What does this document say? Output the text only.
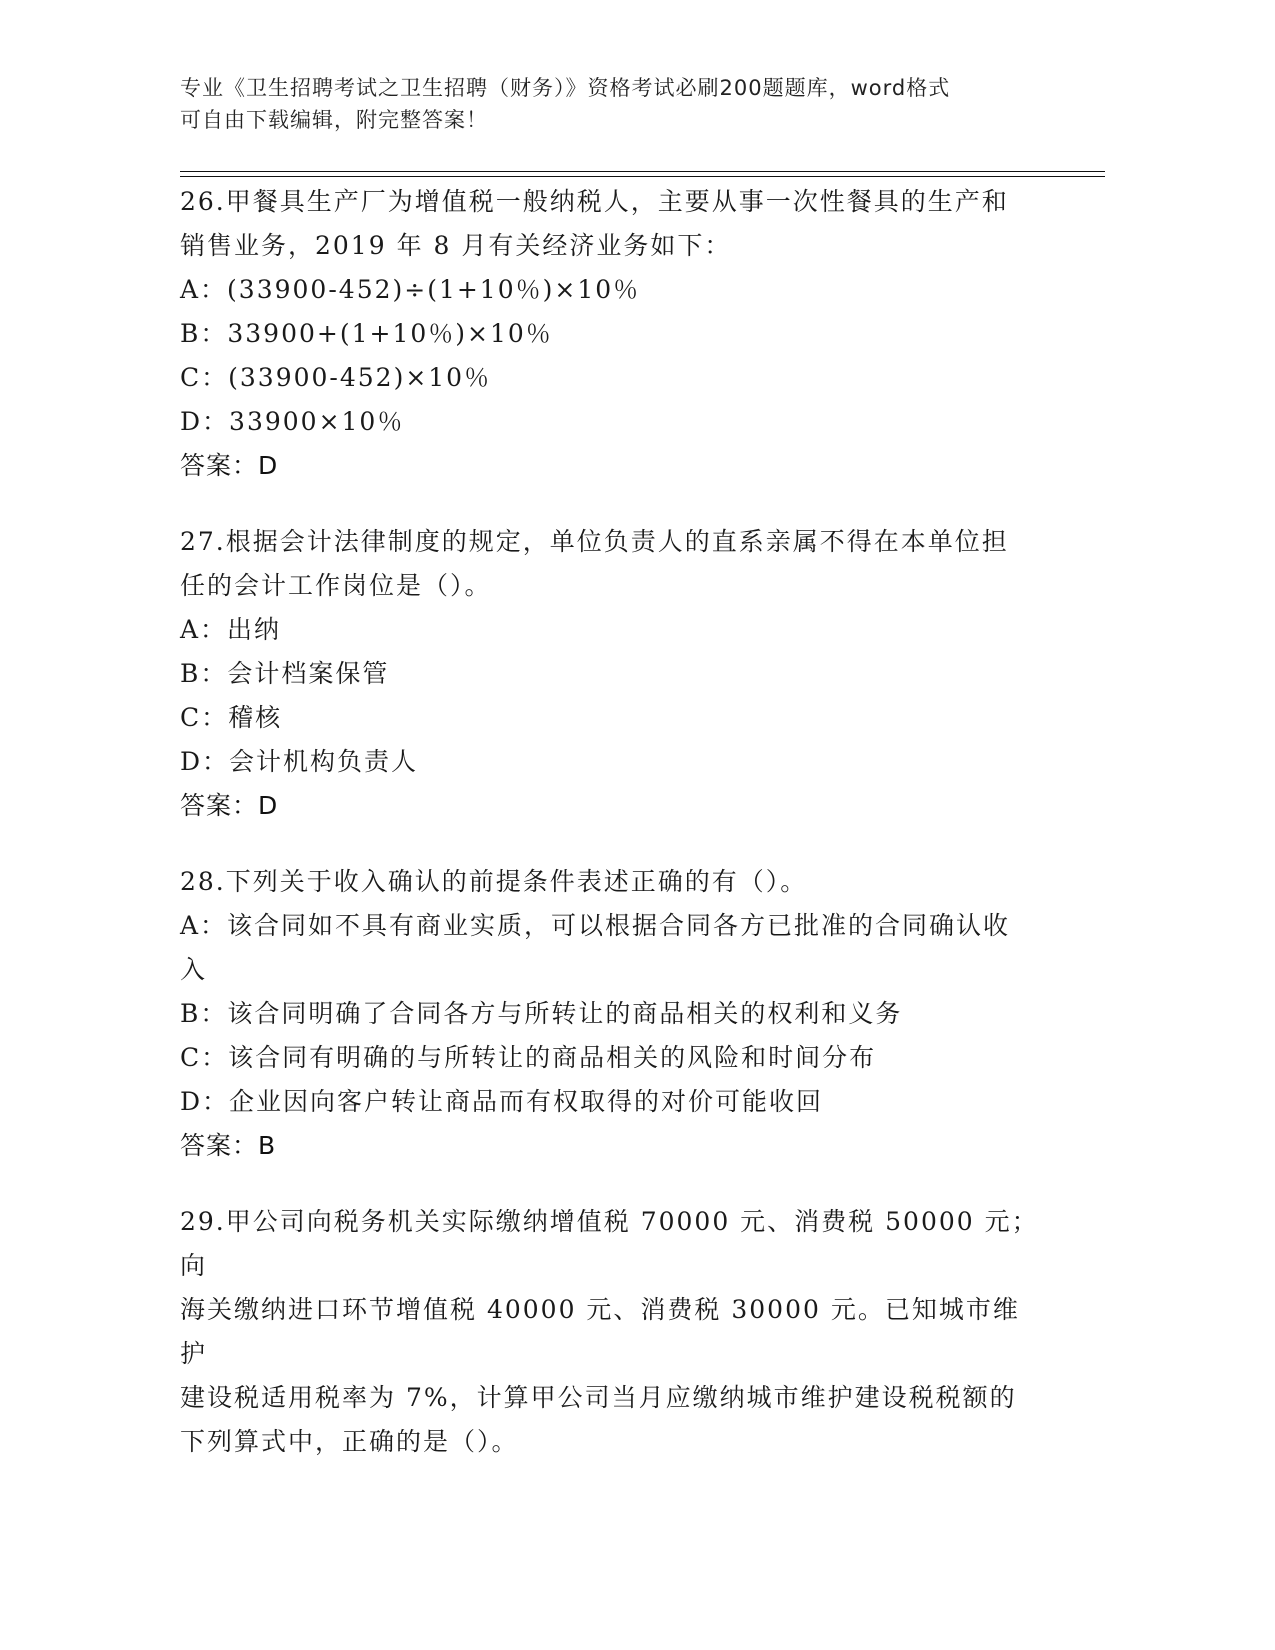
专业《卫生招聘考试之卫生招聘（财务）》资格考试必刷200题题库，word格式
可自由下载编辑，附完整答案！

26.甲餐具生产厂为增值税一般纳税人，主要从事一次性餐具的生产和

销售业务，2019 年 8 月有关经济业务如下：

A：(33900-452)÷(1+10％)×10％

B：33900+(1+10％)×10％

C：(33900-452)×10％

D：33900×10％

答案：D

27.根据会计法律制度的规定，单位负责人的直系亲属不得在本单位担

任的会计工作岗位是（）。

A：出纳

B：会计档案保管

C：稽核

D：会计机构负责人

答案：D

28.下列关于收入确认的前提条件表述正确的有（）。

A：该合同如不具有商业实质，可以根据合同各方已批准的合同确认收

入

B：该合同明确了合同各方与所转让的商品相关的权利和义务

C：该合同有明确的与所转让的商品相关的风险和时间分布

D：企业因向客户转让商品而有权取得的对价可能收回

答案：B

29.甲公司向税务机关实际缴纳增值税 70000 元、消费税 50000 元；向

海关缴纳进口环节增值税 40000 元、消费税 30000 元。已知城市维护

建设税适用税率为 7%，计算甲公司当月应缴纳城市维护建设税税额的

下列算式中，正确的是（）。
